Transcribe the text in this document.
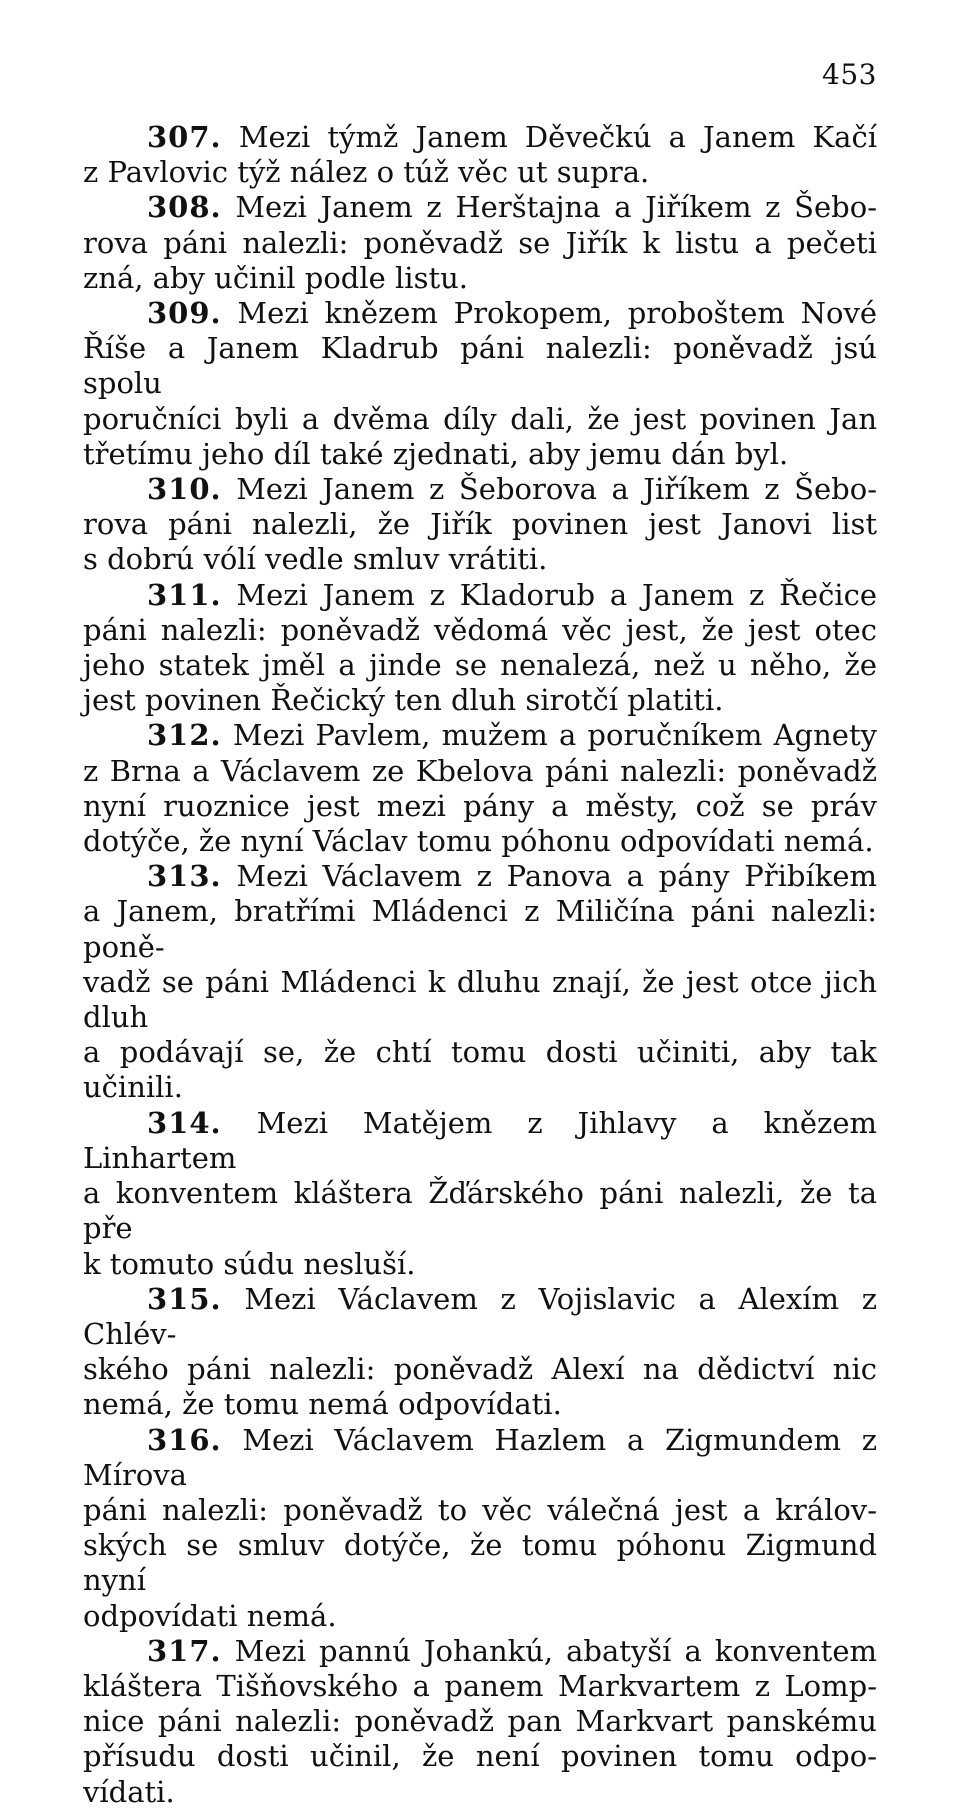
453

307. Mezi týmž Janem Děvečkú a Janem Kačí
z Pavlovic týž nález o túž věc ut supra.

308. Mezi Janem z Herštajna a Jiříkem z Šebo-
rova páni nalezli: poněvadž se Jiřík k listu a pečeti
zná, aby učinil podle listu.

309. Mezi knězem Prokopem, proboštem Nové
Říše a Janem Kladrub páni nalezli: poněvadž jsú spolu
poručníci byli a dvěma díly dali, že jest povinen Jan
třetímu jeho díl také zjednati, aby jemu dán byl.

310. Mezi Janem z Šeborova a Jiříkem z Šebo-
rova páni nalezli, že Jiřík povinen jest Janovi list
s dobrú vólí vedle smluv vrátiti.

311. Mezi Janem z Kladorub a Janem z Řečice
páni nalezli: poněvadž vědomá věc jest, že jest otec
jeho statek jměl a jinde se nenalezá, než u něho, že
jest povinen Řečický ten dluh sirotčí platiti.

312. Mezi Pavlem, mužem a poručníkem Agnety
z Brna a Václavem ze Kbelova páni nalezli: poněvadž
nyní ruoznice jest mezi pány a městy, což se práv
dotýče, že nyní Václav tomu póhonu odpovídati nemá.

313. Mezi Václavem z Panova a pány Přibíkem
a Janem, bratřími Mládenci z Miličína páni nalezli: poně-
vadž se páni Mládenci k dluhu znají, že jest otce jich dluh
a podávají se, že chtí tomu dosti učiniti, aby tak
učinili.

314. Mezi Matějem z Jihlavy a knězem Linhartem
a konventem kláštera Žďárského páni nalezli, že ta pře
k tomuto súdu nesluší.

315. Mezi Václavem z Vojislavic a Alexím z Chlév-
ského páni nalezli: poněvadž Alexí na dědictví nic
nemá, že tomu nemá odpovídati.

316. Mezi Václavem Hazlem a Zigmundem z Mírova
páni nalezli: poněvadž to věc válečná jest a králov-
ských se smluv dotýče, že tomu póhonu Zigmund nyní
odpovídati nemá.

317. Mezi pannú Johankú, abatyší a konventem
kláštera Tišňovského a panem Markvartem z Lomp-
nice páni nalezli: poněvadž pan Markvart panskému
přísudu dosti učinil, že není povinen tomu odpo-
vídati.
